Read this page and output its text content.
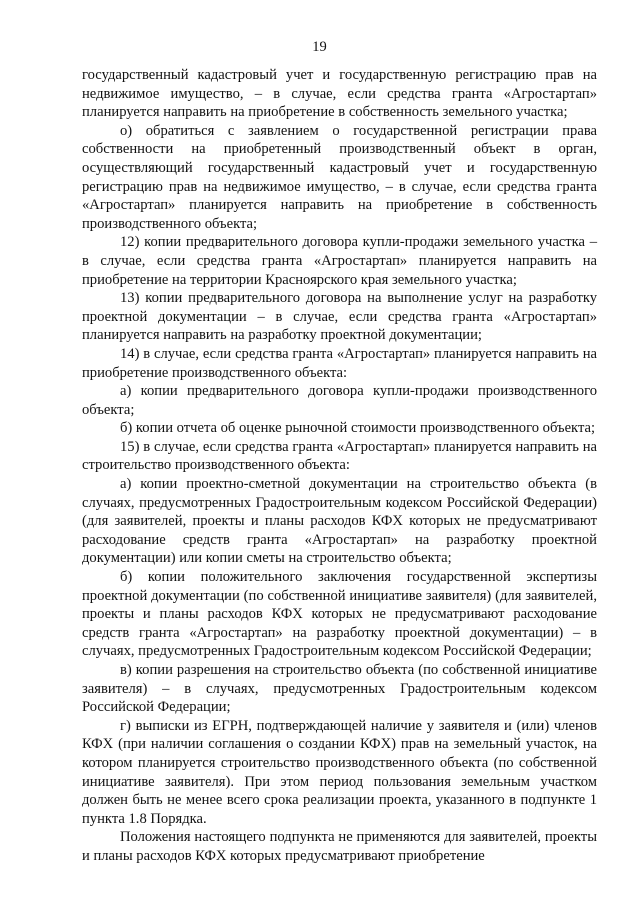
19

государственный кадастровый учет и государственную регистрацию прав на недвижимое имущество, – в случае, если средства гранта «Агростартап» планируется направить на приобретение в собственность земельного участка;

о) обратиться с заявлением о государственной регистрации права собственности на приобретенный производственный объект в орган, осуществляющий государственный кадастровый учет и государственную регистрацию прав на недвижимое имущество, – в случае, если средства гранта «Агростартап» планируется направить на приобретение в собственность производственного объекта;

12) копии предварительного договора купли-продажи земельного участка – в случае, если средства гранта «Агростартап» планируется направить на приобретение на территории Красноярского края земельного участка;

13) копии предварительного договора на выполнение услуг на разработку проектной документации – в случае, если средства гранта «Агростартап» планируется направить на разработку проектной документации;

14) в случае, если средства гранта «Агростартап» планируется направить на приобретение производственного объекта:

а) копии предварительного договора купли-продажи производственного объекта;

б) копии отчета об оценке рыночной стоимости производственного объекта;

15) в случае, если средства гранта «Агростартап» планируется направить на строительство производственного объекта:

а) копии проектно-сметной документации на строительство объекта (в случаях, предусмотренных Градостроительным кодексом Российской Федерации) (для заявителей, проекты и планы расходов КФХ которых не предусматривают расходование средств гранта «Агростартап» на разработку проектной документации) или копии сметы на строительство объекта;

б) копии положительного заключения государственной экспертизы проектной документации (по собственной инициативе заявителя) (для заявителей, проекты и планы расходов КФХ которых не предусматривают расходование средств гранта «Агростартап» на разработку проектной документации) – в случаях, предусмотренных Градостроительным кодексом Российской Федерации;

в) копии разрешения на строительство объекта (по собственной инициативе заявителя) – в случаях, предусмотренных Градостроительным кодексом Российской Федерации;

г) выписки из ЕГРН, подтверждающей наличие у заявителя и (или) членов КФХ (при наличии соглашения о создании КФХ) прав на земельный участок, на котором планируется строительство производственного объекта (по собственной инициативе заявителя). При этом период пользования земельным участком должен быть не менее всего срока реализации проекта, указанного в подпункте 1 пункта 1.8 Порядка.

Положения настоящего подпункта не применяются для заявителей, проекты и планы расходов КФХ которых предусматривают приобретение
